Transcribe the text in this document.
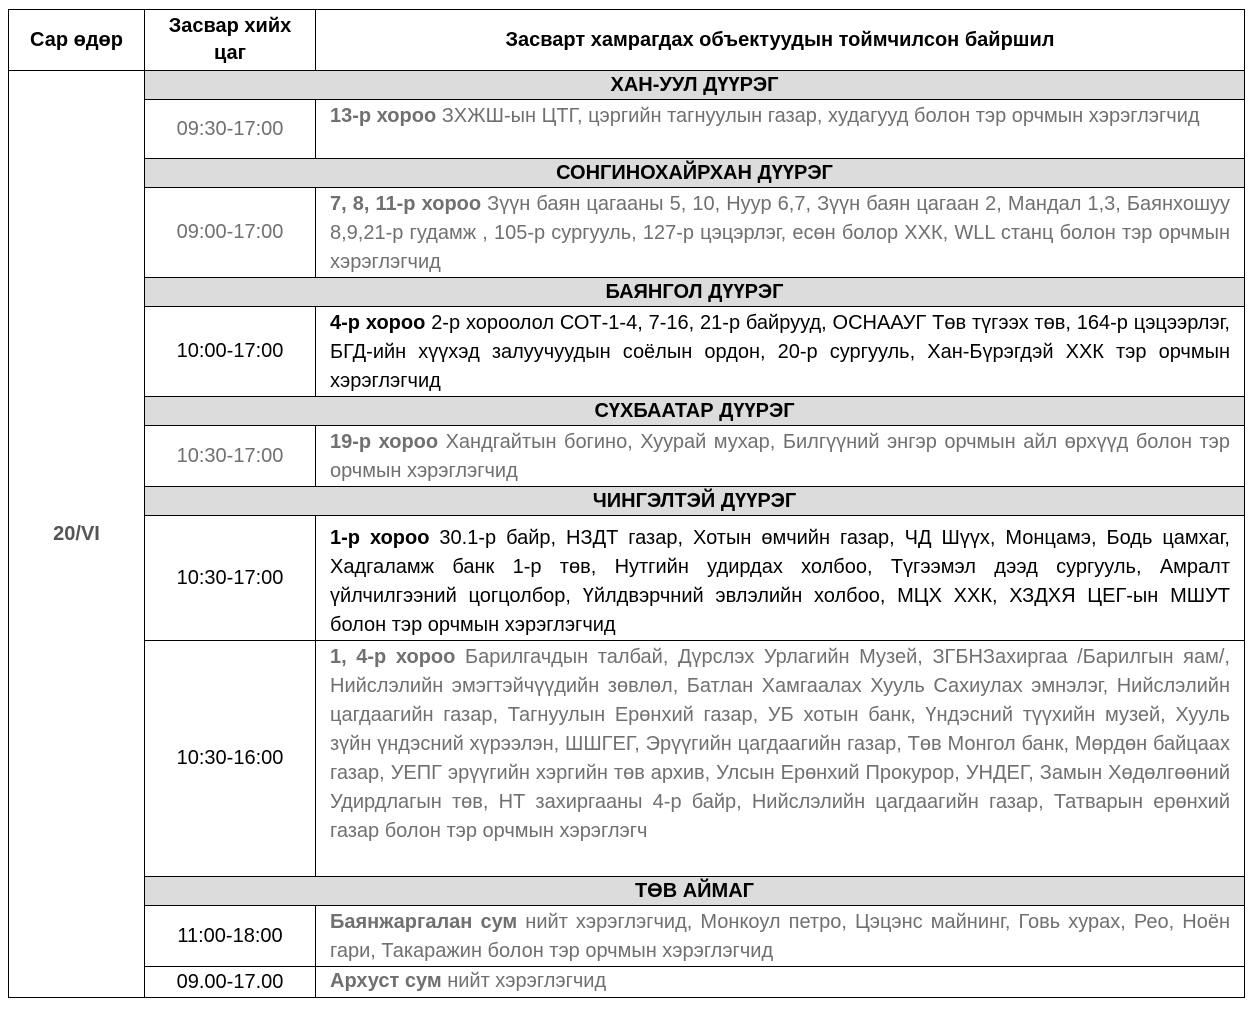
Сар өдөр	Засвар хийх цаг	Засварт хамрагдах объектуудын тоймчилсон байршил
20/VI	ХАН-УУЛ ДҮҮРЭГ	
	09:30-17:00	13-р хороо ЗХЖШ-ын ЦТГ, цэргийн тагнуулын газар, худагууд болон тэр орчмын хэрэглэгчид
	СОНГИНОХАЙРХАН ДҮҮРЭГ	
	09:00-17:00	7, 8, 11-р хороо Зүүн баян цагааны 5, 10, Нуур 6,7, Зүүн баян цагаан 2, Мандал 1,3, Баянхошуу 8,9,21-р гудамж , 105-р сургууль, 127-р цэцэрлэг, есөн болор ХХК, WLL станц болон тэр орчмын хэрэглэгчид
	БАЯНГОЛ ДҮҮРЭГ	
	10:00-17:00	4-р хороо 2-р хороолол СОТ-1-4, 7-16, 21-р байрууд, ОСНААУГ Төв түгээх төв, 164-р цэцээрлэг, БГД-ийн хүүхэд залуучуудын соёлын ордон, 20-р сургууль, Хан-Бүрэгдэй ХХК тэр орчмын хэрэглэгчид
	СҮХБААТАР ДҮҮРЭГ	
	10:30-17:00	19-р хороо Хандгайтын богино, Хуурай мухар, Билгүүний энгэр орчмын айл өрхүүд болон тэр орчмын хэрэглэгчид
	ЧИНГЭЛТЭЙ ДҮҮРЭГ	
	10:30-17:00	1-р хороо 30.1-р байр, НЗДТ газар, Хотын өмчийн газар, ЧД Шүүх, Монцамэ, Бодь цамхаг, Хадгаламж банк 1-р төв, Нутгийн удирдах холбоо, Түгээмэл дээд сургууль, Амралт үйлчилгээний цогцолбор, Үйлдвэрчний эвлэлийн холбоо, МЦХ ХХК, ХЗДХЯ ЦЕГ-ын МШУТ болон тэр орчмын хэрэглэгчид
	10:30-16:00	1, 4-р хороо Барилгачдын талбай, Дүрслэх Урлагийн Музей, ЗГБНЗахиргаа /Барилгын яам/, Нийслэлийн эмэгтэйчүүдийн зөвлөл, Батлан Хамгаалах Хууль Сахиулах эмнэлэг, Нийслэлийн цагдаагийн газар, Тагнуулын Ерөнхий газар, УБ хотын банк, Үндэсний түүхийн музей, Хууль зүйн үндэсний хүрээлэн, ШШГЕГ, Эрүүгийн цагдаагийн газар, Төв Монгол банк, Мөрдөн байцаах газар, УЕПГ эрүүгийн хэргийн төв архив, Улсын Ерөнхий Прокурор, УНДЕГ, Замын Хөдөлгөөний Удирдлагын төв, НТ захиргааны 4-р байр, Нийслэлийн цагдаагийн газар, Татварын ерөнхий газар болон тэр орчмын хэрэглэгч
	ТӨВ АЙМАГ	
	11:00-18:00	Баянжаргалан сум нийт хэрэглэгчид, Монкоул петро, Цэцэнс майнинг, Говь хурах, Рео, Ноён гари, Такаражин болон тэр орчмын хэрэглэгчид
	09.00-17.00	Архуст сум нийт хэрэглэгчид
